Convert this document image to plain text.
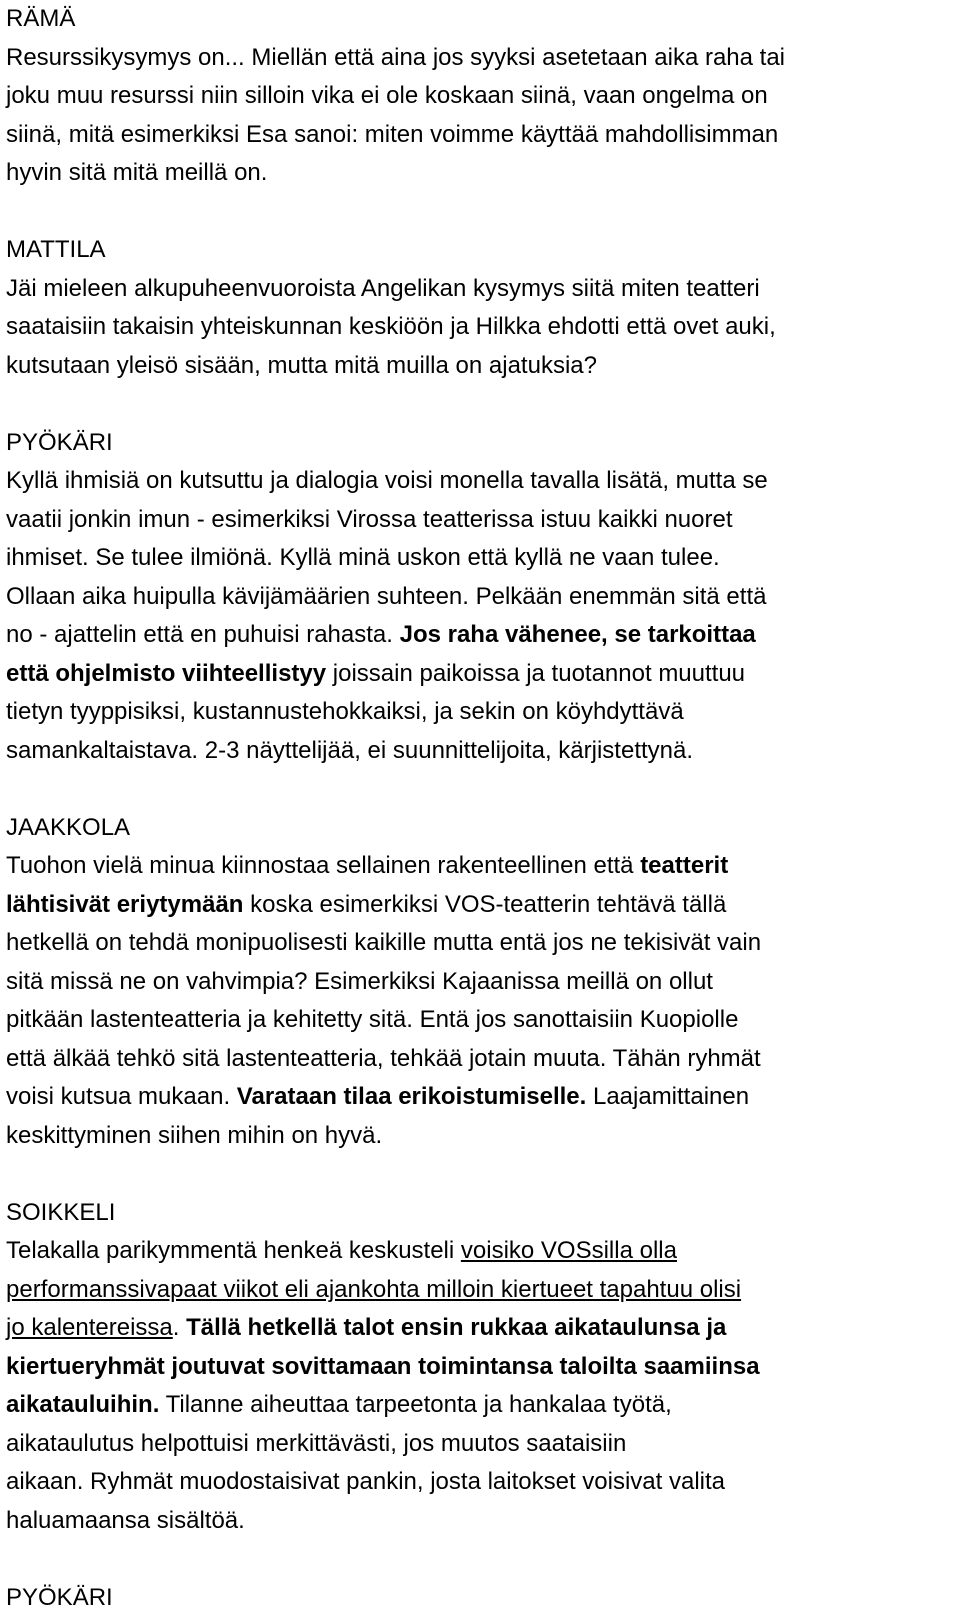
RÄMÄ
Resurssikysymys on... Miellän että aina jos syyksi asetetaan aika raha tai
joku muu resurssi niin silloin vika ei ole koskaan siinä, vaan ongelma on
siinä, mitä esimerkiksi Esa sanoi: miten voimme käyttää mahdollisimman
hyvin sitä mitä meillä on.
MATTILA
Jäi mieleen alkupuheenvuoroista Angelikan kysymys siitä miten teatteri
saataisiin takaisin yhteiskunnan keskiöön ja Hilkka ehdotti että ovet auki,
kutsutaan yleisö sisään, mutta mitä muilla on ajatuksia?
PYÖKÄRI
Kyllä ihmisiä on kutsuttu ja dialogia voisi monella tavalla lisätä, mutta se
vaatii jonkin imun - esimerkiksi Virossa teatterissa istuu kaikki nuoret
ihmiset. Se tulee ilmiönä. Kyllä minä uskon että kyllä ne vaan tulee.
Ollaan aika huipulla kävijämäärien suhteen. Pelkään enemmän sitä että
no - ajattelin että en puhuisi rahasta. Jos raha vähenee, se tarkoittaa
että ohjelmisto viihteellistyy joissain paikoissa ja tuotannot muuttuu
tietyn tyyppisiksi, kustannustehokkaiksi, ja sekin on köyhdyttävä
samankaltaistava. 2-3 näyttelijää, ei suunnittelijoita, kärjistettynä.
JAAKKOLA
Tuohon vielä minua kiinnostaa sellainen rakenteellinen että teatterit
lähtisivät eriytymään koska esimerkiksi VOS-teatterin tehtävä tällä
hetkellä on tehdä monipuolisesti kaikille mutta entä jos ne tekisivät vain
sitä missä ne on vahvimpia? Esimerkiksi Kajaanissa meillä on ollut
pitkään lastenteatteria ja kehitetty sitä. Entä jos sanottaisiin Kuopiolle
että älkää tehkö sitä lastenteatteria, tehkää jotain muuta. Tähän ryhmät
voisi kutsua mukaan. Varataan tilaa erikoistumiselle. Laajamittainen
keskittyminen siihen mihin on hyvä.
SOIKKELI
Telakalla parikymmentä henkeä keskusteli voisiko VOSsilla olla
performanssivapaat viikot eli ajankohta milloin kiertueet tapahtuu olisi
jo kalentereissa. Tällä hetkellä talot ensin rukkaa aikataulunsa ja
kiertueryhmät joutuvat sovittamaan toimintansa taloilta saamiinsa
aikatauluihin. Tilanne aiheuttaa tarpeetonta ja hankalaa työtä,
aikataulutus helpottuisi merkittävästi, jos muutos saataisiin
aikaan. Ryhmät muodostaisivat pankin, josta laitokset voisivat valita
haluamaansa sisältöä.
PYÖKÄRI
